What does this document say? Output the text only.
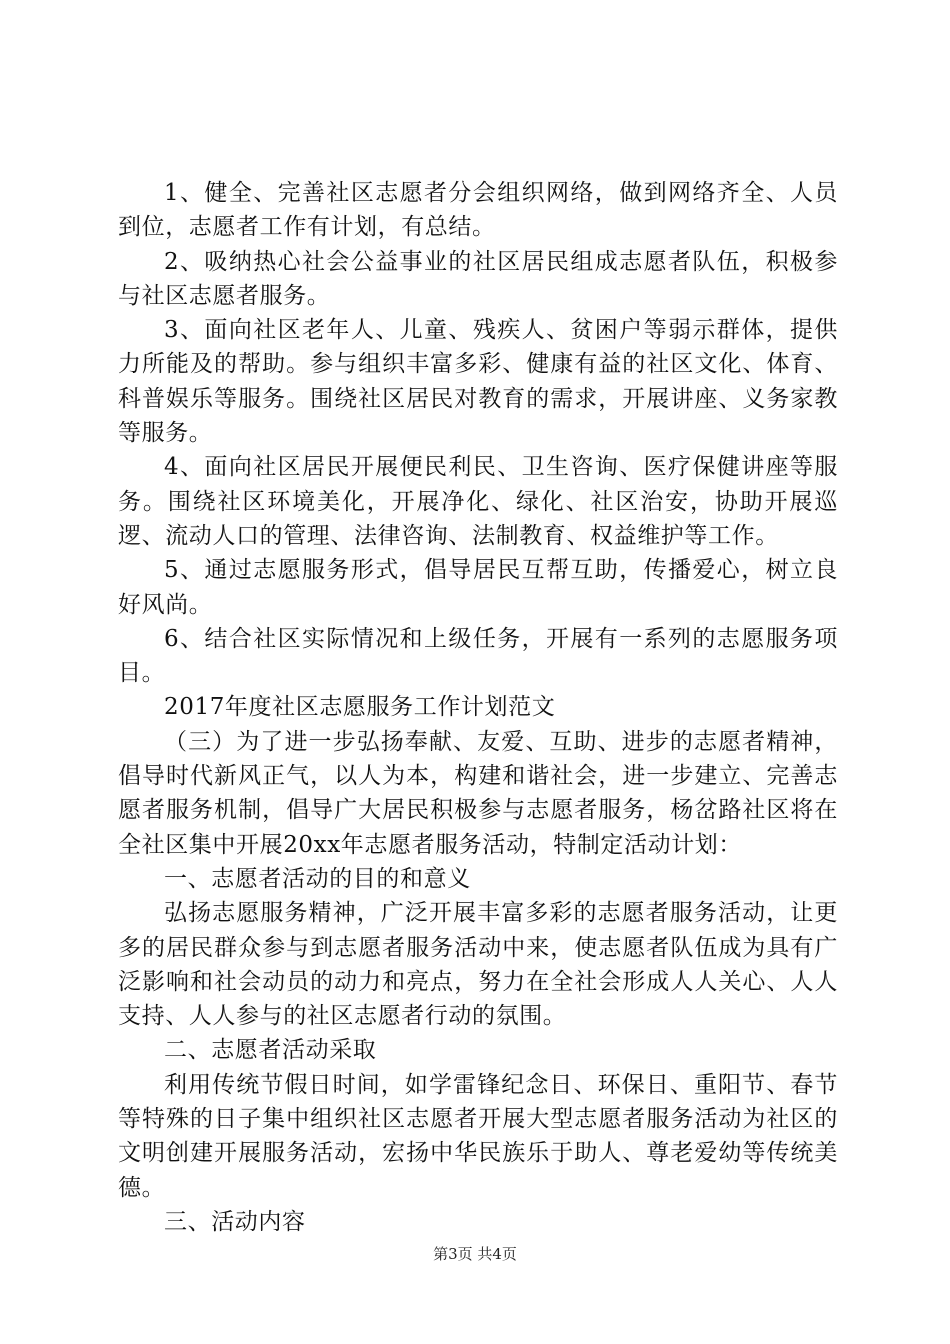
1、健全、完善社区志愿者分会组织网络，做到网络齐全、人员到位，志愿者工作有计划，有总结。

2、吸纳热心社会公益事业的社区居民组成志愿者队伍，积极参与社区志愿者服务。

3、面向社区老年人、儿童、残疾人、贫困户等弱示群体，提供力所能及的帮助。参与组织丰富多彩、健康有益的社区文化、体育、科普娱乐等服务。围绕社区居民对教育的需求，开展讲座、义务家教等服务。

4、面向社区居民开展便民利民、卫生咨询、医疗保健讲座等服务。围绕社区环境美化，开展净化、绿化、社区治安，协助开展巡逻、流动人口的管理、法律咨询、法制教育、权益维护等工作。

5、通过志愿服务形式，倡导居民互帮互助，传播爱心，树立良好风尚。

6、结合社区实际情况和上级任务，开展有一系列的志愿服务项目。

2017年度社区志愿服务工作计划范文

（三）为了进一步弘扬奉献、友爱、互助、进步的志愿者精神，倡导时代新风正气，以人为本，构建和谐社会，进一步建立、完善志愿者服务机制，倡导广大居民积极参与志愿者服务，杨岔路社区将在全社区集中开展20xx年志愿者服务活动，特制定活动计划：

一、志愿者活动的目的和意义

弘扬志愿服务精神，广泛开展丰富多彩的志愿者服务活动，让更多的居民群众参与到志愿者服务活动中来，使志愿者队伍成为具有广泛影响和社会动员的动力和亮点，努力在全社会形成人人关心、人人支持、人人参与的社区志愿者行动的氛围。

二、志愿者活动采取

利用传统节假日时间，如学雷锋纪念日、环保日、重阳节、春节等特殊的日子集中组织社区志愿者开展大型志愿者服务活动为社区的文明创建开展服务活动，宏扬中华民族乐于助人、尊老爱幼等传统美德。

三、活动内容

第3页 共4页
